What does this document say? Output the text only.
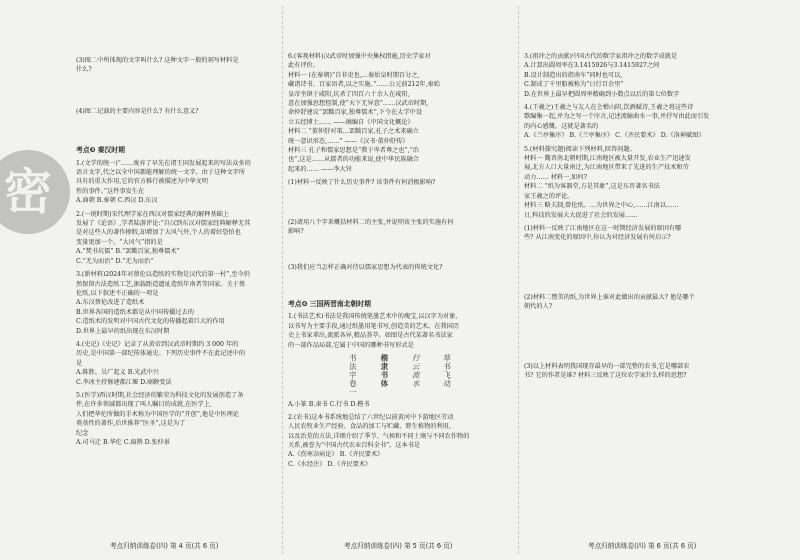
密
(3)图二中所体现的文字叫什么? 这种文字一般的刻写材料是
什么?
(4)图二记载的主要内容是什么? 有什么意义?
考点❸ 秦汉时期
1.(文学的统一)“……废弃了早先在诸王国发展起来的写法众多的
语言文字,代之以全中国都能理解的统一文字。由于这种文字所
具有的重大作用,它的官方推行被描述为中华文明
性的事件。”这件事发生在
A.商朝 B.秦朝 C.西汉 D.东汉
2.(一统时期)宋代理学家在西汉对儒家经典的解释基础上
发展了《论语》,学者陆游评论:“自汉到东汉对儒家经典解释无其
是对这些人的著作掺假,却增加了大风气外,个人的着好恐怕也
变量更加一个。“大风气”指的是
A.“焚书坑儒” B.“罢黜百家,独尊儒术”
C.“无为而治” D.“无为而治”
3.(新材料)2024年对蔡伦以造纸的实物是汉代后第一村”,至今仍
然保留古法造纸工艺,据载距造遗址造纸年南者等国家。关于蔡
伦纸,以下叙述不正确的一项是
A.东汉蔡伦改进了造纸术
B.世界各国的造纸术都是从中国传播过去的
C.造纸术的发明对中国古代文化的传播起着巨大的作用
D.世界上最早的纸出现在东汉时期
4.(史记)《史记》记录了从黄帝到汉武帝时期约 3 000 年的
历史,是中国第一部纪传体通史。下列历史事件不在此记述中的
是
A.陈胜、吴广起义 B.光武中兴
C.李冰主持修建都江堰 D.商鞅变法
5.(医学)西汉时期,社会经济的繁荣为科技文化的发展创造了条
件,在许多领域都出现了叫人瞩目的成就,在医学上,
人们把华佗所做的手术称为中国医学的“开创”,他是中医理论
奠基性的著作,后世推荐“医圣”,这是为了
纪念
A.司马迁 B.华佗 C.扁鹊 D.张仲景
6.(客观材料)汉武帝时加强中央集权措施,历史学家对
此有评价。
材料一 (在秦朝)“自非吏也,…秦始皇时期百分之,
藏诸诗书、百家语者,以之实施。”……公元前212年,秦始
皇帝坐镇于咸阳,坑杀了四百六十余人在咸阳,
意在加强思想控制,使“天下无异意”……汉武帝时期,
命仲舒建议“罢黜百家,独尊儒术”,下令在太学中设
立五经博士…… ——摘编自《中国文化概论》
材料二 “董仲舒对策…罢黜百家,孔子之术来确立
统一意识形态,……” ——《汉书·董仲舒传》
材料三 孔子和儒家思想是“教于卑者尊之也”,“治
也”,这是……从儒者的功能来说,使中华民族融合
起来的…… ——李大钊
(1)材料一反映了什么历史事件? 该事件有何消极影响?
(2)请用八个字来概括材料二的主张,并说明该主张的实施有何
影响?
(3)我们应当怎样正确对待以儒家思想为代表的传统文化?
考点❹ 三国两晋南北朝时期
1.(书法艺术)书法是我国传统笔墨艺术中的瑰宝,以汉字为对象,
以书写为主要手段,通过纸墨用笔书写,创造美的艺术。在我国历
史上书家辈出,流派各异,精品荟萃。如图是古代某著名书法家
的一部作品局部,它属于中国的哪种书写形式是
书法字卷一	楷隶书体	行云流水	草书飞动
A.小篆 B.隶书 C.行书 D.楷书
2.(农书)这本书系统地总结了六世纪以前黄河中下游地区劳动
人民农牧业生产经验、食品的加工与贮藏、野生植物的利用,
以及治荒的方法,详细介绍了季节、气候和不同土壤与不同农作物的
关系,被誉为“中国古代农业百科全书”。这本书是
A.《伤寒杂病论》 B.《齐民要术》
C.《水经注》 D.《齐民要术》
3.(祖冲之的贡献)中国古代的数学家祖冲之的数学成就是
A.计算出圆周率在3.1415926与3.1415927之间
B.设计制造出的指南车“同时也可以,
C.制成了千里船被称为“日行百余里”
D.在世界上最早把圆周率精确到小数点以后的第七位数字
4.(王羲之)王羲之与友人在会稽山阴,饮酒赋诗,王羲之将这些诗
歌编集一起,并为之写一个序言,记述流觞曲水一事,并抒写由此而引发
的内心感慨。这就是著名的
A.《兰亭集序》 B.《兰亭集序》 C.《齐民要术》 D.《洛神赋图》
5.(材料探究题)阅读下列材料,回答问题。
材料一 魏晋南北朝时期,江南地区被大量开发,农业生产迅速发
展,北方人口大量南迁,为江南地区带来了先进的生产技术和劳
动力…… 材料一,如何?
材料二 “纸为客器堂,方是其象”,这是东晋著名书法
家王羲之的评论。
材料三 略夫制,曾伦纸、…为世界之中心,……江南以……
日,科技的发展大大促进了社会的发展……
(1)材料一反映了江南地区在这一时期经济发展的原因有哪
些? 从江南变化的原因中,你认为对经济发展有何启示?
(2)材料二赞美的纸,为世界上谁对此做出的贡献最大? 他是哪个
朝代的人?
(3)以上材料表明我国现存最早的一部完整的农书,它是哪部农
书? 它的作者是谁? 材料三反映了这位农学家什么样的思想?
考点归纳训练卷(四) 第 4 页(共 6 页)	考点归纳训练卷(四) 第 5 页(共 6 页)	考点归纳训练卷(四) 第 6 页(共 6 页)
